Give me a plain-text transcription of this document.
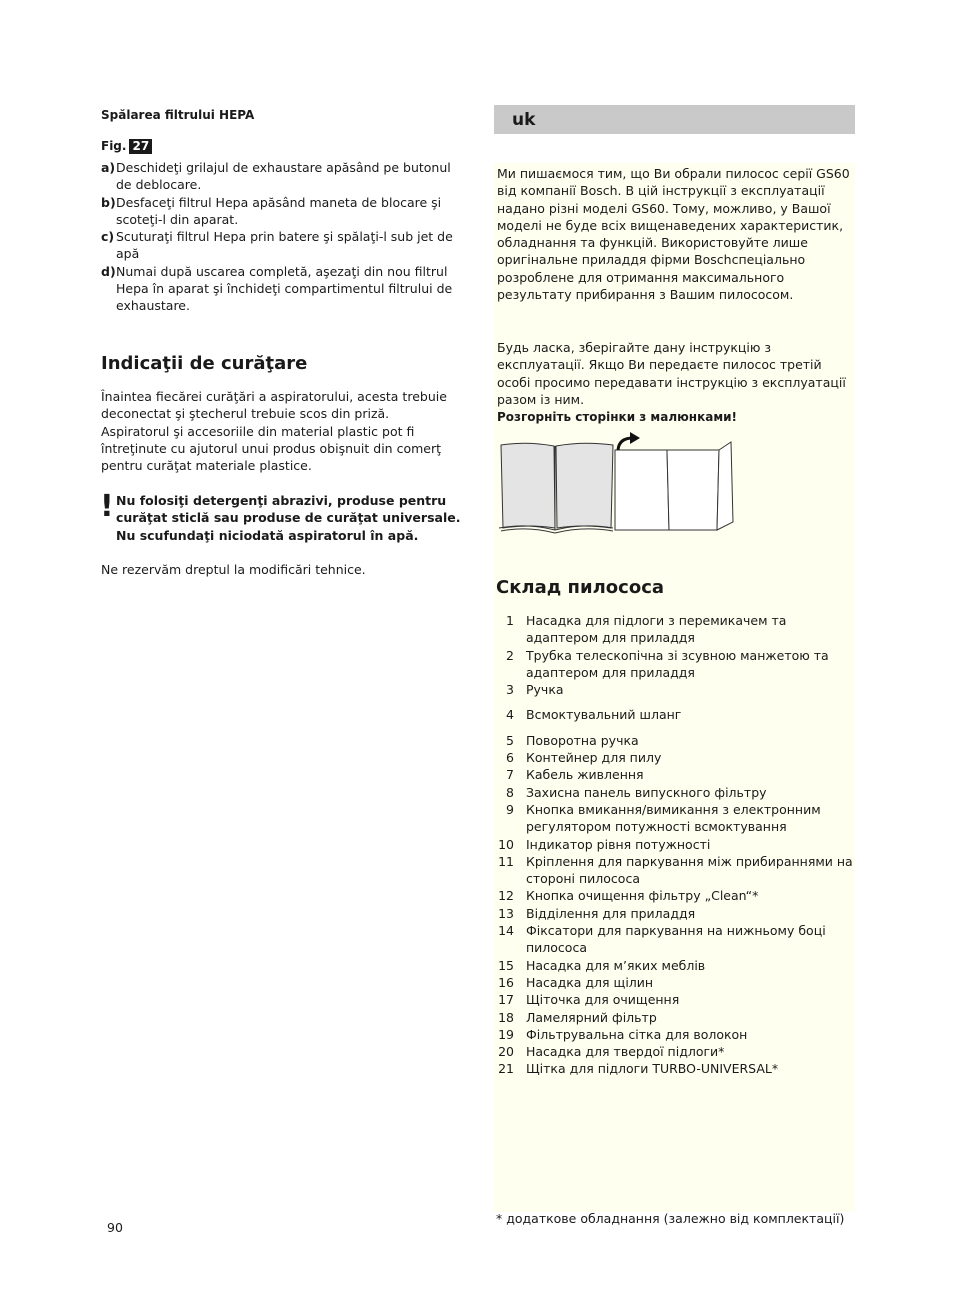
Spălarea filtrului HEPA
Fig. 27
a) Deschideţi grilajul de exhaustare apăsând pe butonul de deblocare.
b) Desfaceţi filtrul Hepa apăsând maneta de blocare şi scoteţi-l din aparat.
c) Scuturaţi filtrul Hepa prin batere şi spălaţi-l sub jet de apă
d) Numai după uscarea completă, aşezaţi din nou filtrul Hepa în aparat şi închideţi compartimentul filtrului de exhaustare.
Indicaţii de curăţare

Înaintea fiecărei curăţări a aspiratorului, acesta trebuie deconectat şi ştecherul trebuie scos din priză. Aspiratorul şi accesoriile din material plastic pot fi întreţinute cu ajutorul unui produs obişnuit din comerţ pentru curăţat materiale plastice.

! Nu folosiţi detergenţi abrazivi, produse pentru curăţat sticlă sau produse de curăţat universale. Nu scufundaţi niciodată aspiratorul în apă.

Ne rezervăm dreptul la modificări tehnice.

90
uk

Ми пишаємося тим, що Ви обрали пилосос серії GS60 від компанії Bosch. В цій інструкції з експлуатації надано різні моделі GS60. Тому, можливо, у Вашої моделі не буде всіх вищенаведених характеристик, обладнання та функцій. Використовуйте лише оригінальне приладдя фірми Boschспеціально розроблене для отримання максимального результату прибирання з Вашим пилососом.

Будь ласка, зберігайте дану інструкцію з експлуатації. Якщо Ви передаєте пилосос третій особі просимо передавати інструкцію з експлуатації разом із ним.

Розгорніть сторінки з малюнками!
Склад пилососа
1 Насадка для підлоги з перемикачем та адаптером для приладдя
2 Трубка телескопічна зі зсувною манжетою та адаптером для приладдя
3 Ручка
4 Всмоктувальний шланг
5 Поворотна ручка
6 Контейнер для пилу
7 Кабель живлення
8 Захисна панель випускного фільтру
9 Кнопка вмикання/вимикання з електронним регулятором потужності всмоктування
10 Індикатор рівня потужності
11 Кріплення для паркування між прибираннями на стороні пилососа
12 Кнопка очищення фільтру „Clean“*
13 Відділення для приладдя
14 Фіксатори для паркування на нижньому боці пилососа
15 Насадка для м’яких меблів
16 Насадка для щілин
17 Щіточка для очищення
18 Ламелярний фільтр
19 Фільтрувальна сітка для волокон
20 Насадка для твердої підлоги*
21 Щітка для підлоги TURBO-UNIVERSAL*
* додаткове обладнання (залежно від комплектації)
